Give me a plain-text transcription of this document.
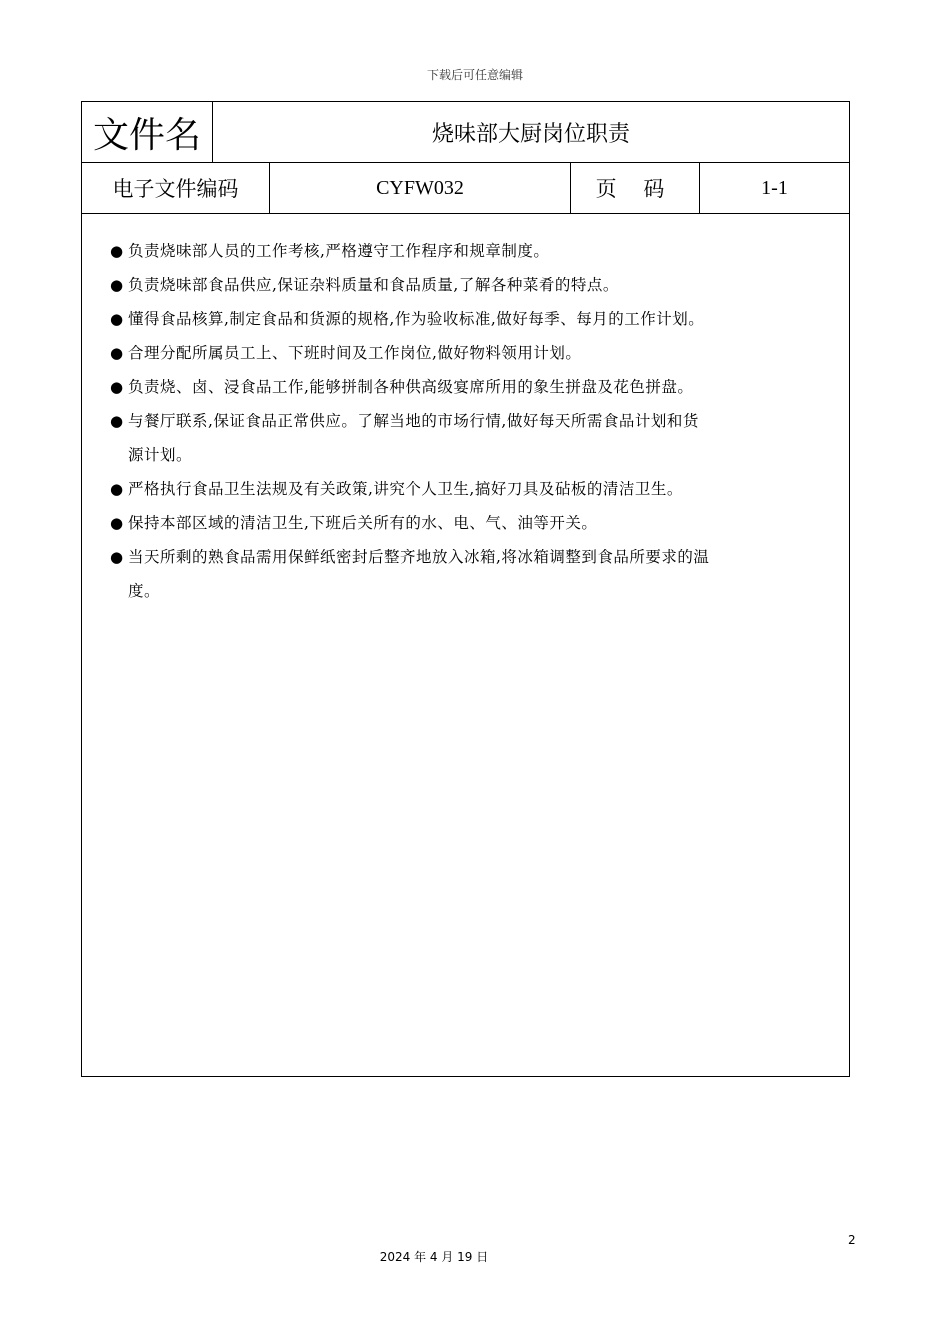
下载后可任意编辑
文件名	烧味部大厨岗位职责
电子文件编码	CYFW032	页 码	1-1
● 负责烧味部人员的工作考核,严格遵守工作程序和规章制度。
● 负责烧味部食品供应,保证杂料质量和食品质量,了解各种菜肴的特点。
● 懂得食品核算,制定食品和货源的规格,作为验收标准,做好每季、每月的工作计划。
● 合理分配所属员工上、下班时间及工作岗位,做好物料领用计划。
● 负责烧、卤、浸食品工作,能够拼制各种供高级宴席所用的象生拼盘及花色拼盘。
● 与餐厅联系,保证食品正常供应。了解当地的市场行情,做好每天所需食品计划和货
源计划。
● 严格执行食品卫生法规及有关政策,讲究个人卫生,搞好刀具及砧板的清洁卫生。
● 保持本部区域的清洁卫生,下班后关所有的水、电、气、油等开关。
● 当天所剩的熟食品需用保鲜纸密封后整齐地放入冰箱,将冰箱调整到食品所要求的温
度。
2
2024 年 4 月 19 日
